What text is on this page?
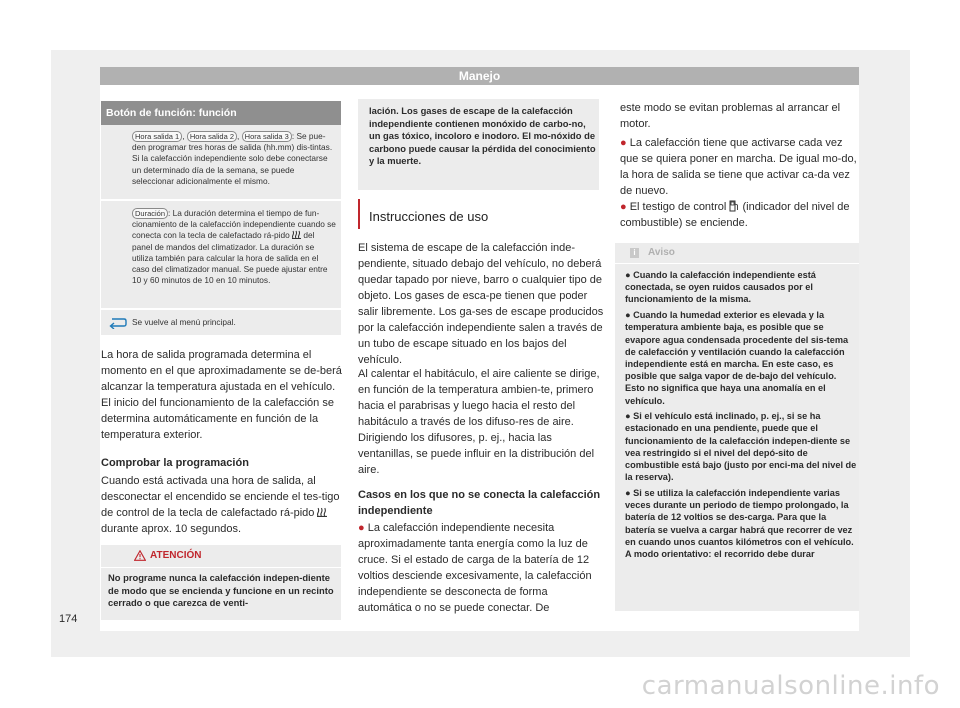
Manejo
Botón de función: función
Hora salida 1 , Hora salida 2 , Hora salida 3 : Se pue-den programar tres horas de salida (hh.mm) dis-tintas. Si la calefacción independiente solo debe conectarse un determinado día de la semana, se puede seleccionar adicionalmente el mismo.
Duración : La duración determina el tiempo de fun-cionamiento de la calefacción independiente cuando se conecta con la tecla de calefactado rá-pido del panel de mandos del climatizador. La duración se utiliza también para calcular la hora de salida en el caso del climatizador manual. Se puede ajustar entre 10 y 60 minutos de 10 en 10 minutos.
Se vuelve al menú principal.
La hora de salida programada determina el momento en el que aproximadamente se de-berá alcanzar la temperatura ajustada en el vehículo. El inicio del funcionamiento de la calefacción se determina automáticamente en función de la temperatura exterior.
Comprobar la programación
Cuando está activada una hora de salida, al desconectar el encendido se enciende el tes-tigo de control de la tecla de calefactado rá-pido  durante aprox. 10 segundos.
ATENCIÓN
No programe nunca la calefacción indepen-diente de modo que se encienda y funcione en un recinto cerrado o que carezca de venti-
lación. Los gases de escape de la calefacción independiente contienen monóxido de carbo-no, un gas tóxico, incoloro e inodoro. El mo-nóxido de carbono puede causar la pérdida del conocimiento y la muerte.
Instrucciones de uso
El sistema de escape de la calefacción inde-pendiente, situado debajo del vehículo, no deberá quedar tapado por nieve, barro o cualquier tipo de objeto. Los gases de esca-pe tienen que poder salir libremente. Los ga-ses de escape producidos por la calefacción independiente salen a través de un tubo de escape situado en los bajos del vehículo.
Al calentar el habitáculo, el aire caliente se dirige, en función de la temperatura ambien-te, primero hacia el parabrisas y luego hacia el resto del habitáculo a través de los difuso-res de aire. Dirigiendo los difusores, p. ej., hacia las ventanillas, se puede influir en la distribución del aire.
Casos en los que no se conecta la calefacción independiente
● La calefacción independiente necesita aproximadamente tanta energía como la luz de cruce. Si el estado de carga de la batería de 12 voltios desciende excesivamente, la calefacción independiente se desconecta de forma automática o no se puede conectar. De
este modo se evitan problemas al arrancar el motor.
● La calefacción tiene que activarse cada vez que se quiera poner en marcha. De igual mo-do, la hora de salida se tiene que activar ca-da vez de nuevo.
● El testigo de control (indicador del nivel de combustible) se enciende.
i	Aviso
● Cuando la calefacción independiente está conectada, se oyen ruidos causados por el funcionamiento de la misma.
● Cuando la humedad exterior es elevada y la temperatura ambiente baja, es posible que se evapore agua condensada procedente del sis-tema de calefacción y ventilación cuando la calefacción independiente está en marcha. En este caso, es posible que salga vapor de de-bajo del vehículo. Esto no significa que haya una anomalía en el vehículo.
● Si el vehículo está inclinado, p. ej., si se ha estacionado en una pendiente, puede que el funcionamiento de la calefacción indepen-diente se vea restringido si el nivel del depó-sito de combustible está bajo (justo por enci-ma del nivel de la reserva).
● Si se utiliza la calefacción independiente varias veces durante un periodo de tiempo prolongado, la batería de 12 voltios se des-carga. Para que la batería se vuelva a cargar habrá que recorrer de vez en cuando unos cuantos kilómetros con el vehículo. A modo orientativo: el recorrido debe durar
174
carmanualsonline.info
